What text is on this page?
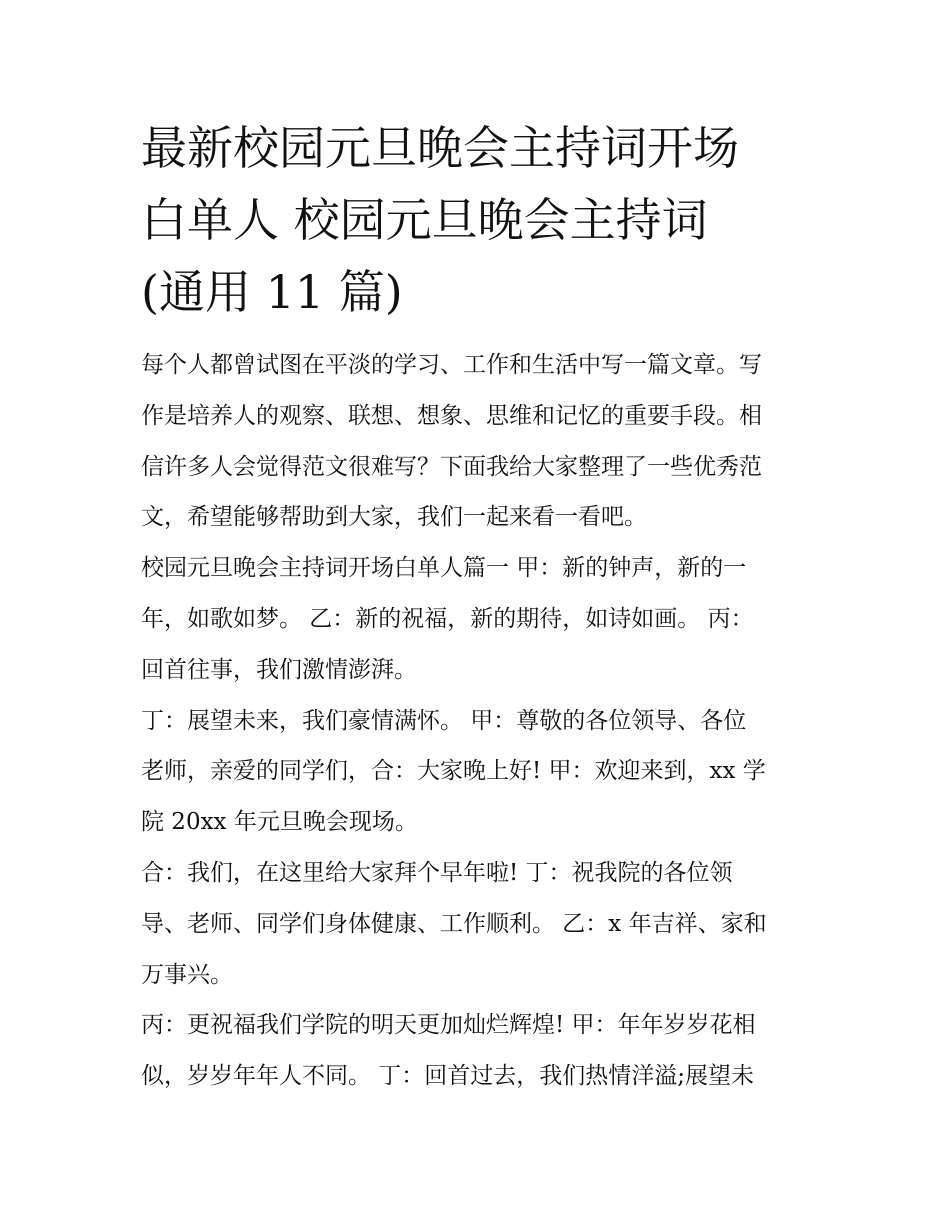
最新校园元旦晚会主持词开场
白单人 校园元旦晚会主持词
(通用 11 篇)

每个人都曾试图在平淡的学习、工作和生活中写一篇文章。写
作是培养人的观察、联想、想象、思维和记忆的重要手段。相
信许多人会觉得范文很难写？下面我给大家整理了一些优秀范
文，希望能够帮助到大家，我们一起来看一看吧。

校园元旦晚会主持词开场白单人篇一 甲：新的钟声，新的一
年，如歌如梦。 乙：新的祝福，新的期待，如诗如画。 丙：
回首往事，我们激情澎湃。

丁：展望未来，我们豪情满怀。 甲：尊敬的各位领导、各位
老师，亲爱的同学们，合：大家晚上好! 甲：欢迎来到，xx 学
院 20xx 年元旦晚会现场。

合：我们，在这里给大家拜个早年啦! 丁：祝我院的各位领
导、老师、同学们身体健康、工作顺利。 乙：x 年吉祥、家和
万事兴。

丙：更祝福我们学院的明天更加灿烂辉煌! 甲：年年岁岁花相
似，岁岁年年人不同。 丁：回首过去，我们热情洋溢;展望未
